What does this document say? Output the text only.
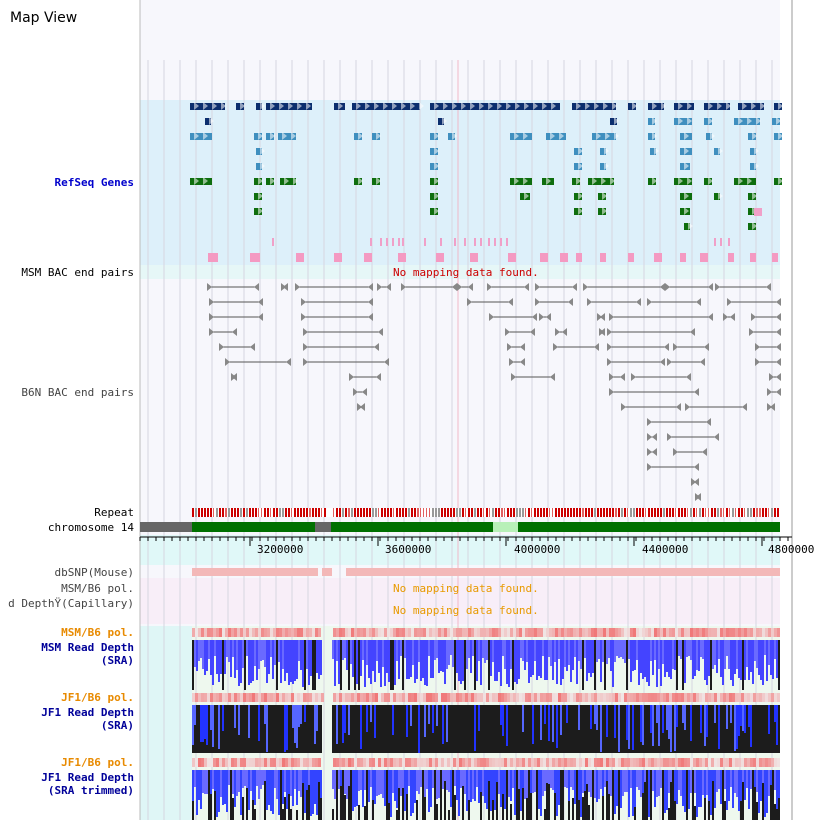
Map View

RefSeq Genes
MSM BAC end pairs
B6N BAC end pairs
Repeat
chromosome 14
dbSNP(Mouse)
MSM/B6 pol.
d DepthŸ(Capillary)
MSM/B6 pol.
MSM Read Depth
(SRA)
JF1/B6 pol.
JF1 Read Depth
(SRA)
JF1/B6 pol.
JF1 Read Depth
(SRA trimmed)
No mapping data found.
No mapping data found.
No mapping data found.
3200000	3600000	4000000	4400000	4800000
